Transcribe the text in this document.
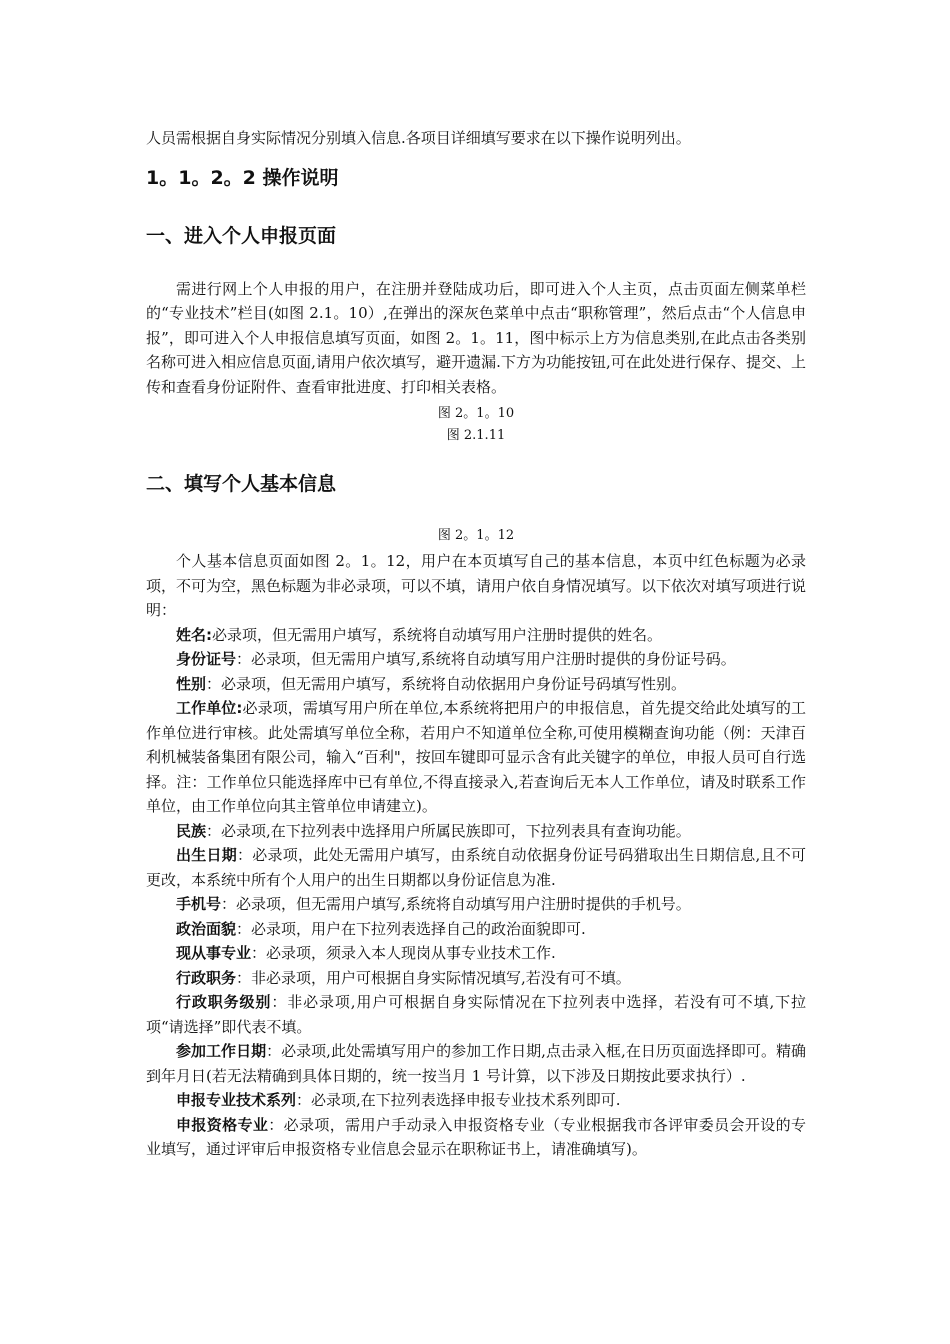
人员需根据自身实际情况分别填入信息.各项目详细填写要求在以下操作说明列出。

1。1。2。2 操作说明
一、进入个人申报页面

需进行网上个人申报的用户，在注册并登陆成功后，即可进入个人主页，点击页面左侧菜单栏的“专业技术”栏目(如图 2.1。10）,在弹出的深灰色菜单中点击“职称管理”，然后点击“个人信息申报”，即可进入个人申报信息填写页面，如图 2。1。11，图中标示上方为信息类别,在此点击各类别名称可进入相应信息页面,请用户依次填写，避开遗漏.下方为功能按钮,可在此处进行保存、提交、上传和查看身份证附件、查看审批进度、打印相关表格。

图 2。1。10

图 2.1.11

二、填写个人基本信息

图 2。1。12

个人基本信息页面如图 2。1。12，用户在本页填写自己的基本信息，本页中红色标题为必录项，不可为空，黑色标题为非必录项，可以不填，请用户依自身情况填写。以下依次对填写项进行说明：

姓名:必录项，但无需用户填写，系统将自动填写用户注册时提供的姓名。

身份证号：必录项，但无需用户填写,系统将自动填写用户注册时提供的身份证号码。

性别：必录项，但无需用户填写，系统将自动依据用户身份证号码填写性别。

工作单位:必录项，需填写用户所在单位,本系统将把用户的申报信息，首先提交给此处填写的工作单位进行审核。此处需填写单位全称，若用户不知道单位全称,可使用模糊查询功能（例：天津百利机械装备集团有限公司，输入“百利"，按回车键即可显示含有此关键字的单位，申报人员可自行选择。注：工作单位只能选择库中已有单位,不得直接录入,若查询后无本人工作单位，请及时联系工作单位，由工作单位向其主管单位申请建立)。

民族：必录项,在下拉列表中选择用户所属民族即可，下拉列表具有查询功能。

出生日期：必录项，此处无需用户填写，由系统自动依据身份证号码猎取出生日期信息,且不可更改，本系统中所有个人用户的出生日期都以身份证信息为准.

手机号：必录项，但无需用户填写,系统将自动填写用户注册时提供的手机号。

政治面貌：必录项，用户在下拉列表选择自己的政治面貌即可.

现从事专业：必录项，须录入本人现岗从事专业技术工作.

行政职务：非必录项，用户可根据自身实际情况填写,若没有可不填。

行政职务级别：非必录项,用户可根据自身实际情况在下拉列表中选择，若没有可不填,下拉项“请选择”即代表不填。

参加工作日期：必录项,此处需填写用户的参加工作日期,点击录入框,在日历页面选择即可。精确到年月日(若无法精确到具体日期的，统一按当月 1 号计算，以下涉及日期按此要求执行）.

申报专业技术系列：必录项,在下拉列表选择申报专业技术系列即可.

申报资格专业：必录项，需用户手动录入申报资格专业（专业根据我市各评审委员会开设的专业填写，通过评审后申报资格专业信息会显示在职称证书上，请准确填写)。
